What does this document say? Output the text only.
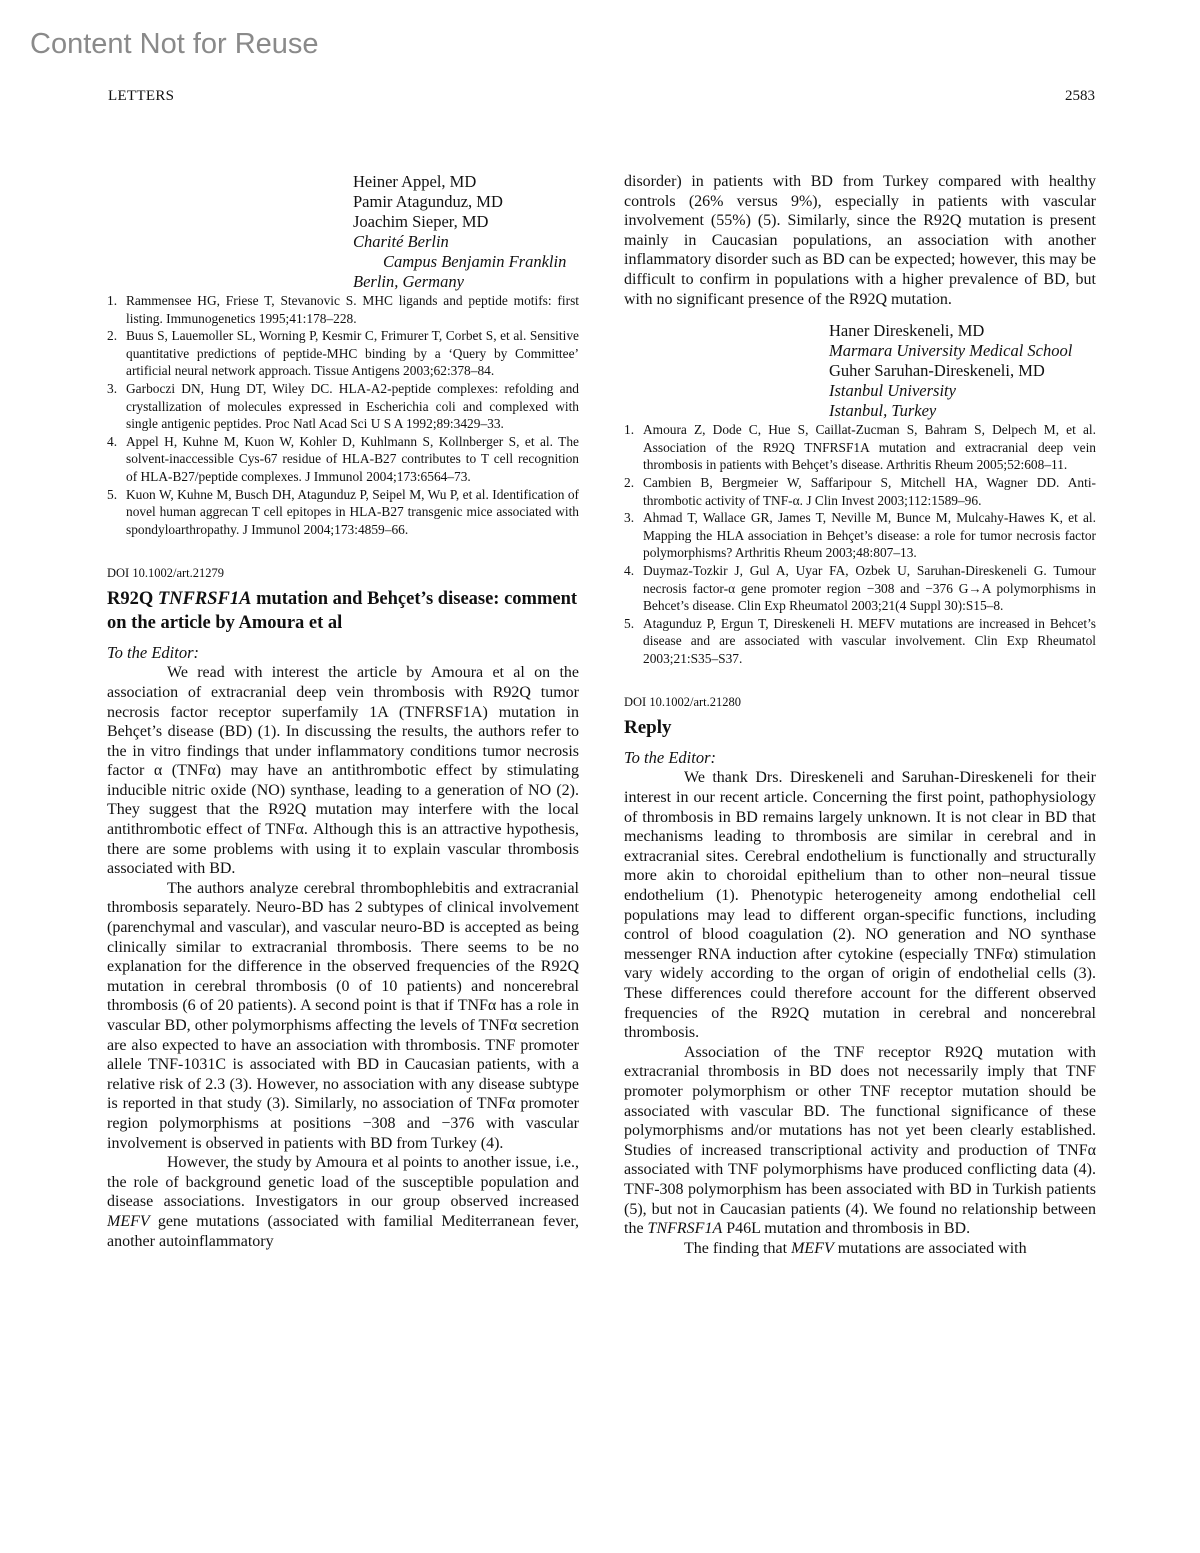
Content Not for Reuse
LETTERS	2583
Heiner Appel, MD
Pamir Atagunduz, MD
Joachim Sieper, MD
Charité Berlin
Campus Benjamin Franklin
Berlin, Germany
1. Rammensee HG, Friese T, Stevanovic S. MHC ligands and peptide motifs: first listing. Immunogenetics 1995;41:178–228.
2. Buus S, Lauemoller SL, Worning P, Kesmir C, Frimurer T, Corbet S, et al. Sensitive quantitative predictions of peptide-MHC binding by a ‘Query by Committee’ artificial neural network approach. Tissue Antigens 2003;62:378–84.
3. Garboczi DN, Hung DT, Wiley DC. HLA-A2-peptide complexes: refolding and crystallization of molecules expressed in Escherichia coli and complexed with single antigenic peptides. Proc Natl Acad Sci U S A 1992;89:3429–33.
4. Appel H, Kuhne M, Kuon W, Kohler D, Kuhlmann S, Kollnberger S, et al. The solvent-inaccessible Cys-67 residue of HLA-B27 contributes to T cell recognition of HLA-B27/peptide complexes. J Immunol 2004;173:6564–73.
5. Kuon W, Kuhne M, Busch DH, Atagunduz P, Seipel M, Wu P, et al. Identification of novel human aggrecan T cell epitopes in HLA-B27 transgenic mice associated with spondyloarthropathy. J Immunol 2004;173:4859–66.
DOI 10.1002/art.21279
R92Q TNFRSF1A mutation and Behçet’s disease: comment on the article by Amoura et al
To the Editor:

We read with interest the article by Amoura et al on the association of extracranial deep vein thrombosis with R92Q tumor necrosis factor receptor superfamily 1A (TNFRSF1A) mutation in Behçet’s disease (BD) (1). In discussing the results, the authors refer to the in vitro findings that under inflammatory conditions tumor necrosis factor α (TNFα) may have an antithrombotic effect by stimulating inducible nitric oxide (NO) synthase, leading to a generation of NO (2). They suggest that the R92Q mutation may interfere with the local antithrombotic effect of TNFα. Although this is an attractive hypothesis, there are some problems with using it to explain vascular thrombosis associated with BD.

The authors analyze cerebral thrombophlebitis and extracranial thrombosis separately. Neuro-BD has 2 subtypes of clinical involvement (parenchymal and vascular), and vascular neuro-BD is accepted as being clinically similar to extracranial thrombosis. There seems to be no explanation for the difference in the observed frequencies of the R92Q mutation in cerebral thrombosis (0 of 10 patients) and noncerebral thrombosis (6 of 20 patients). A second point is that if TNFα has a role in vascular BD, other polymorphisms affecting the levels of TNFα secretion are also expected to have an association with thrombosis. TNF promoter allele TNF-1031C is associated with BD in Caucasian patients, with a relative risk of 2.3 (3). However, no association with any disease subtype is reported in that study (3). Similarly, no association of TNFα promoter region polymorphisms at positions −308 and −376 with vascular involvement is observed in patients with BD from Turkey (4).

However, the study by Amoura et al points to another issue, i.e., the role of background genetic load of the susceptible population and disease associations. Investigators in our group observed increased MEFV gene mutations (associated with familial Mediterranean fever, another autoinflammatory

disorder) in patients with BD from Turkey compared with healthy controls (26% versus 9%), especially in patients with vascular involvement (55%) (5). Similarly, since the R92Q mutation is present mainly in Caucasian populations, an association with another inflammatory disorder such as BD can be expected; however, this may be difficult to confirm in populations with a higher prevalence of BD, but with no significant presence of the R92Q mutation.

Haner Direskeneli, MD
Marmara University Medical School
Guher Saruhan-Direskeneli, MD
Istanbul University
Istanbul, Turkey
1. Amoura Z, Dode C, Hue S, Caillat-Zucman S, Bahram S, Delpech M, et al. Association of the R92Q TNFRSF1A mutation and extracranial deep vein thrombosis in patients with Behçet’s disease. Arthritis Rheum 2005;52:608–11.
2. Cambien B, Bergmeier W, Saffaripour S, Mitchell HA, Wagner DD. Anti-thrombotic activity of TNF-α. J Clin Invest 2003;112:1589–96.
3. Ahmad T, Wallace GR, James T, Neville M, Bunce M, Mulcahy-Hawes K, et al. Mapping the HLA association in Behçet’s disease: a role for tumor necrosis factor polymorphisms? Arthritis Rheum 2003;48:807–13.
4. Duymaz-Tozkir J, Gul A, Uyar FA, Ozbek U, Saruhan-Direskeneli G. Tumour necrosis factor-α gene promoter region −308 and −376 G→A polymorphisms in Behcet’s disease. Clin Exp Rheumatol 2003;21(4 Suppl 30):S15–8.
5. Atagunduz P, Ergun T, Direskeneli H. MEFV mutations are increased in Behcet’s disease and are associated with vascular involvement. Clin Exp Rheumatol 2003;21:S35–S37.
DOI 10.1002/art.21280
Reply
To the Editor:

We thank Drs. Direskeneli and Saruhan-Direskeneli for their interest in our recent article. Concerning the first point, pathophysiology of thrombosis in BD remains largely unknown. It is not clear in BD that mechanisms leading to thrombosis are similar in cerebral and in extracranial sites. Cerebral endothelium is functionally and structurally more akin to choroidal epithelium than to other non–neural tissue endothelium (1). Phenotypic heterogeneity among endothelial cell populations may lead to different organ-specific functions, including control of blood coagulation (2). NO generation and NO synthase messenger RNA induction after cytokine (especially TNFα) stimulation vary widely according to the organ of origin of endothelial cells (3). These differences could therefore account for the different observed frequencies of the R92Q mutation in cerebral and noncerebral thrombosis.

Association of the TNF receptor R92Q mutation with extracranial thrombosis in BD does not necessarily imply that TNF promoter polymorphism or other TNF receptor mutation should be associated with vascular BD. The functional significance of these polymorphisms and/or mutations has not yet been clearly established. Studies of increased transcriptional activity and production of TNFα associated with TNF polymorphisms have produced conflicting data (4). TNF-308 polymorphism has been associated with BD in Turkish patients (5), but not in Caucasian patients (4). We found no relationship between the TNFRSF1A P46L mutation and thrombosis in BD.

The finding that MEFV mutations are associated with
